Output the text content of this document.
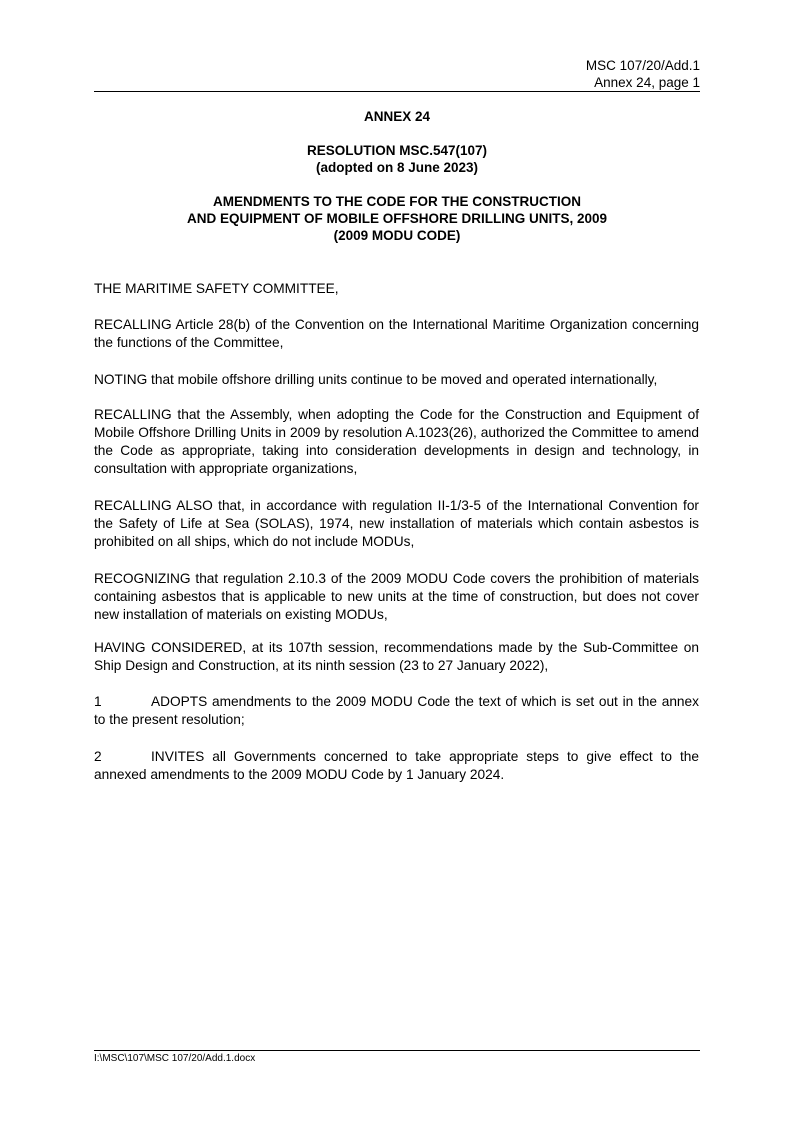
MSC 107/20/Add.1
Annex 24, page 1
ANNEX 24
RESOLUTION MSC.547(107)
(adopted on 8 June 2023)
AMENDMENTS TO THE CODE FOR THE CONSTRUCTION
AND EQUIPMENT OF MOBILE OFFSHORE DRILLING UNITS, 2009
(2009 MODU CODE)
THE MARITIME SAFETY COMMITTEE,
RECALLING Article 28(b) of the Convention on the International Maritime Organization concerning the functions of the Committee,
NOTING that mobile offshore drilling units continue to be moved and operated internationally,
RECALLING that the Assembly, when adopting the Code for the Construction and Equipment of Mobile Offshore Drilling Units in 2009 by resolution A.1023(26), authorized the Committee to amend the Code as appropriate, taking into consideration developments in design and technology, in consultation with appropriate organizations,
RECALLING ALSO that, in accordance with regulation II-1/3-5 of the International Convention for the Safety of Life at Sea (SOLAS), 1974, new installation of materials which contain asbestos is prohibited on all ships, which do not include MODUs,
RECOGNIZING that regulation 2.10.3 of the 2009 MODU Code covers the prohibition of materials containing asbestos that is applicable to new units at the time of construction, but does not cover new installation of materials on existing MODUs,
HAVING CONSIDERED, at its 107th session, recommendations made by the Sub-Committee on Ship Design and Construction, at its ninth session (23 to 27 January 2022),
1	ADOPTS amendments to the 2009 MODU Code the text of which is set out in the annex to the present resolution;
2	INVITES all Governments concerned to take appropriate steps to give effect to the annexed amendments to the 2009 MODU Code by 1 January 2024.
I:\MSC\107\MSC 107/20/Add.1.docx
